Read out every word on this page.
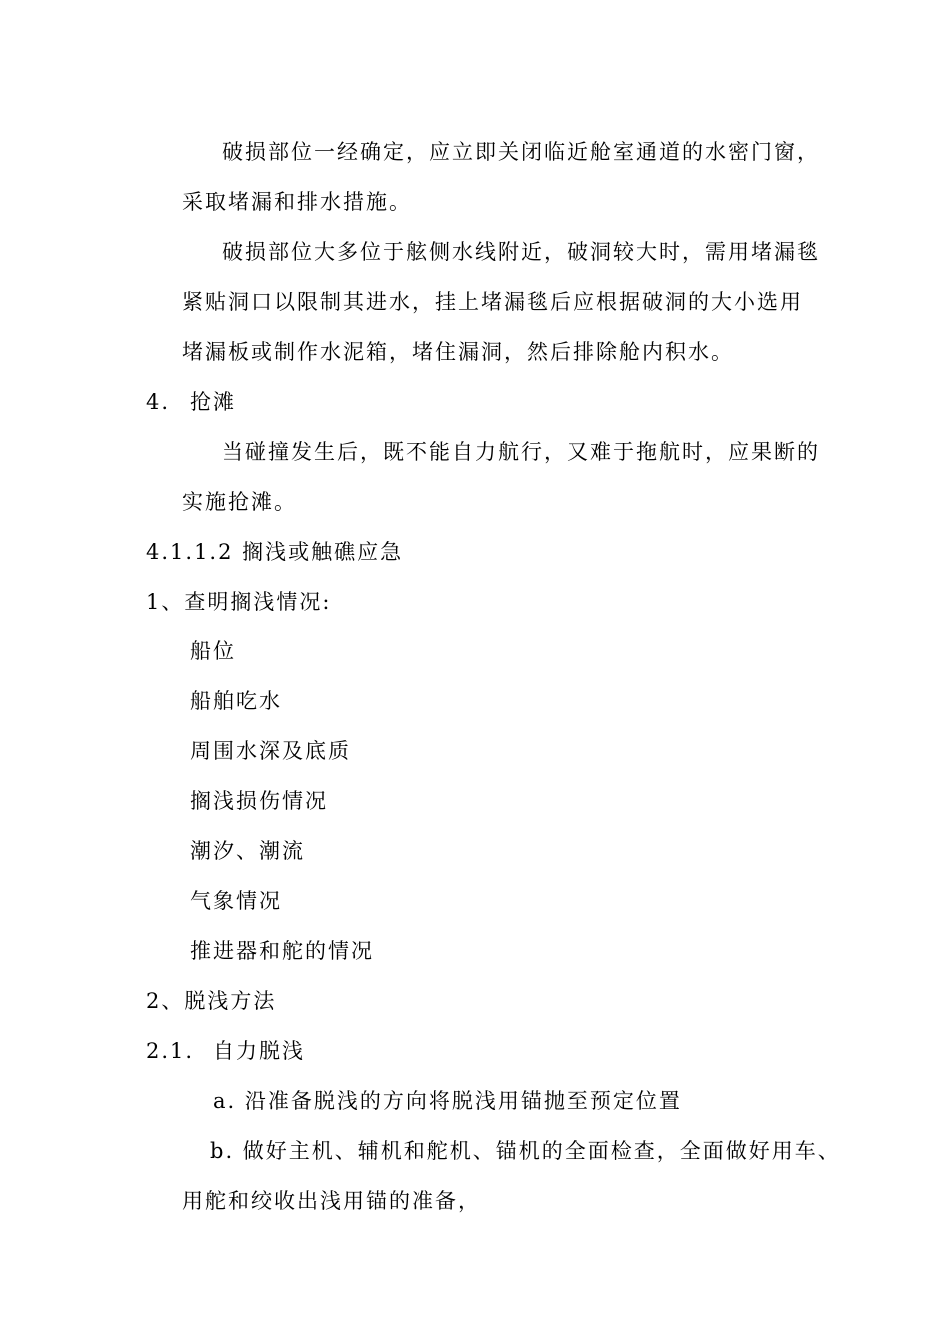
破损部位一经确定，应立即关闭临近舱室通道的水密门窗，
采取堵漏和排水措施。
破损部位大多位于舷侧水线附近，破洞较大时，需用堵漏毯
紧贴洞口以限制其进水，挂上堵漏毯后应根据破洞的大小选用
堵漏板或制作水泥箱，堵住漏洞，然后排除舱内积水。
4. 抢滩
当碰撞发生后，既不能自力航行，又难于拖航时，应果断的
实施抢滩。
4.1.1.2 搁浅或触礁应急
1、查明搁浅情况:
船位
船舶吃水
周围水深及底质
搁浅损伤情况
潮汐、潮流
气象情况
推进器和舵的情况
2、脱浅方法
2.1. 自力脱浅
a. 沿准备脱浅的方向将脱浅用锚抛至预定位置
b. 做好主机、辅机和舵机、锚机的全面检查，全面做好用车、
用舵和绞收出浅用锚的准备，
